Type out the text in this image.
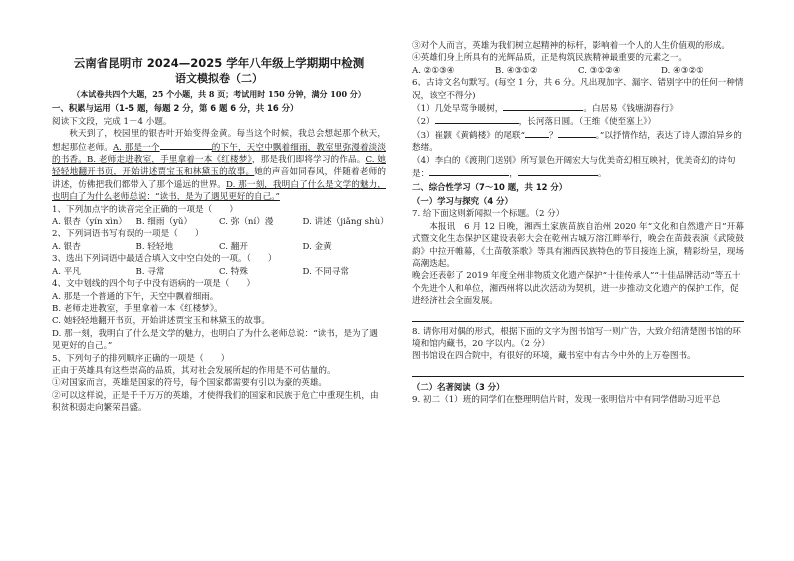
云南省昆明市 2024—2025 学年八年级上学期期中检测
语文模拟卷（二）
（本试卷共四个大题，25 个小题，共 8 页；考试用时 150 分钟，满分 100 分）
一、积累与运用（1-5 题，每题 2 分，第 6 题 6 分，共 16 分）

阅读下文段，完成 1－4 小题。

秋天到了，校园里的银杏叶开始变得金黄。每当这个时候，我总会想起那个秋天，想起那位老师。A. 那是一个	的下午，天空中飘着细雨，教室里弥漫着淡淡的书香。B. 老师走进教室，手里拿着一本《红楼梦》，那是我们即将学习的作品。C. 她轻轻地翻开书页，开始讲述贾宝玉和林黛玉的故事。她的声音如同春风，伴随着老师的讲述，仿佛把我们都带入了那个遥远的世界。D. 那一刻，我明白了什么是文学的魅力，也明白了为什么老师总说：“读书，是为了遇见更好的自己。”

1、下列加点字的读音完全正确的一项是（　　）

A. 银杏（yín xìn） B. 细雨（yǔ）	C. 弥（ní）漫	D. 讲述（jiǎng shù）

2、下列词语书写有误的一项是（　　）

A. 银杏	B. 轻轻地	C. 翻开	D. 金黄

3、选出下列词语中最适合填入文中空白处的一项。（　　）

A. 平凡	B. 寻常	C. 特殊	D. 不同寻常

4、文中划线的四个句子中没有语病的一项是（　　）

A. 那是一个普通的下午，天空中飘着细雨。

B. 老师走进教室，手里拿着一本《红楼梦》。

C. 她轻轻地翻开书页，开始讲述贾宝玉和林黛玉的故事。

D. 那一刻，我明白了什么是文学的魅力，也明白了为什么老师总说：“读书，是为了遇见更好的自己。”

5、下列句子的排列顺序正确的一项是（　　）

正由于英雄具有这些崇高的品质，其对社会发展所起的作用是不可估量的。

①对国家而言，英雄是国家的符号，每个国家都需要有引以为豪的英雄。

②可以这样说，正是千千万万的英雄，才使得我们的国家和民族于危亡中重现生机，由积贫积弱走向繁荣昌盛。

③对个人而言，英雄为我们树立起精神的标杆，影响着一个人的人生价值观的形成。

④英雄们身上所具有的光辉品质，正是构筑民族精神最重要的元素之一。

A. ②①③④	B. ④③①②	C. ③①②④	D. ④③②①

6、古诗文名句默写。(每空 1 分，共 6 分。凡出现加字、漏字、错别字中的任何一种情况，该空不得分)

（1）几处早莺争暖树，	。白居易《钱塘湖春行》

（2）	，长河落日圆。（王维《使至塞上》）

（3）崔颢《黄鹤楼》的尾联“	？	。”以抒情作结，表达了诗人漂泊异乡的愁绪。

（4）李白的《渡荆门送别》所写景色开阔宏大与优美奇幻相互映衬，优美奇幻的诗句是：	，	。

二、综合性学习（7～10 题，共 12 分）
（一）学习与探究（4 分）

7. 给下面这则新闻拟一个标题。（2 分）

本报讯　6 月 12 日晚，湘西土家族苗族自治州 2020 年“文化和自然遗产日”开幕式暨文化生态保护区建设表彰大会在乾州古城万溶江畔举行，晚会在苗鼓表演《武陵鼓韵》中拉开帷幕，《土苗敬茶歌》等具有湘西民族特色的节目接连上演，精彩纷呈，现场高潮迭起。

晚会还表彰了 2019 年度全州非物质文化遗产保护“十佳传承人”“十佳品牌活动”等五十个先进个人和单位，湘西州将以此次活动为契机，进一步推动文化遗产的保护工作，促进经济社会全面发展。

8. 请你用对偶的形式，根据下面的文字为图书馆写一则广告，大致介绍清楚图书馆的环境和馆内藏书，20 字以内。（2 分）

图书馆设在四合院中，有很好的环境，藏书室中有古今中外的上万卷图书。

（二）名著阅读（3 分）

9. 初二（1）班的同学们在整理明信片时，发现一张明信片中有同学借助习近平总
